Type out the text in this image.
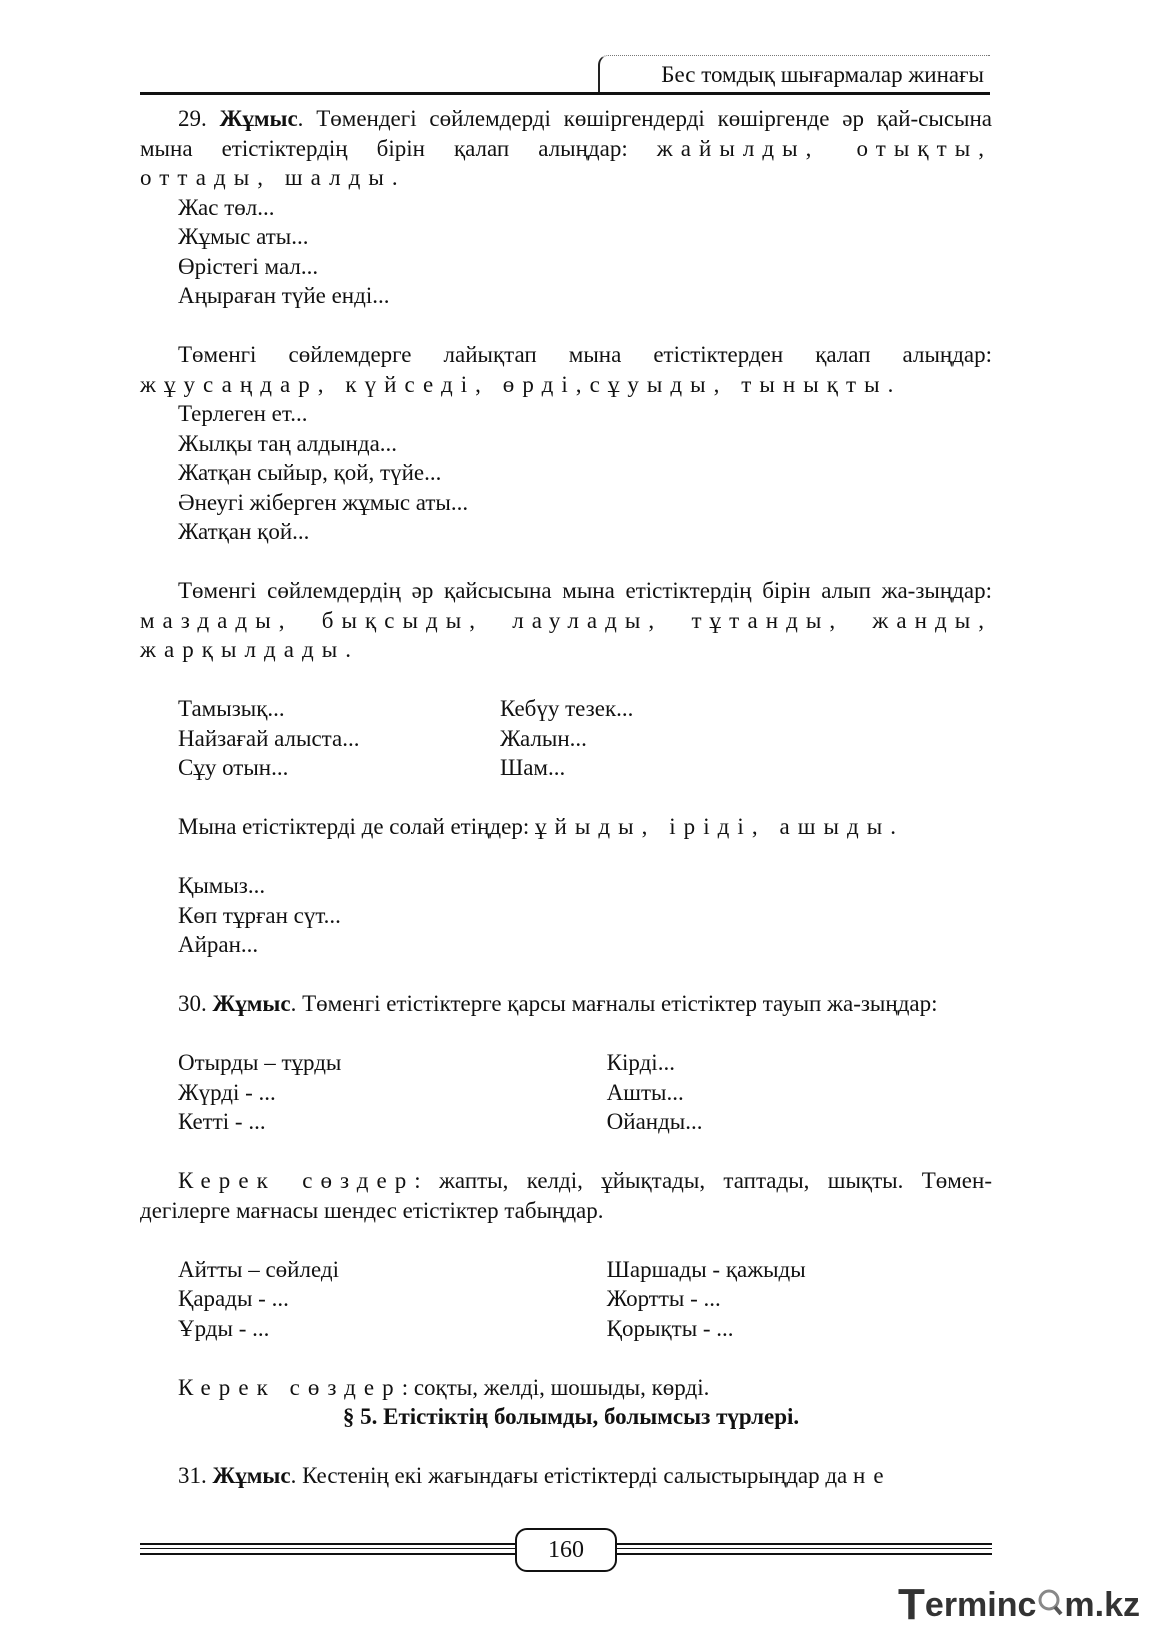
Бес томдық шығармалар жинағы

29. Жұмыс. Төмендегі сөйлемдерді көшіргендерді көшіргенде әр қай-сысына мына етістіктердің бірін қалап алыңдар: жайылды, отықты, оттады, шалды.

Жас төл...

Жұмыс аты...

Өрістегі мал...

Аңыраған түйе енді...

Төменгі сөйлемдерге лайықтап мына етістіктерден қалап алыңдар: жұусаңдар, күйседі, өрді,сұуыды, тынықты.

Терлеген ет...

Жылқы таң алдында...

Жатқан сыйыр, қой, түйе...

Әнеугі жіберген жұмыс аты...

Жатқан қой...

Төменгі сөйлемдердің әр қайсысына мына етістіктердің бірін алып жа-зыңдар: маздады, бықсыды, лаулады, тұтанды, жанды, жарқылдады.

Тамызық...

Найзағай алыста...

Сұу отын...

Кебүу тезек...

Жалын...

Шам...

Мына етістіктерді де солай етіңдер: ұйыды, іріді, ашыды.

Қымыз...

Көп тұрған сүт...

Айран...

30. Жұмыс. Төменгі етістіктерге қарсы мағналы етістіктер тауып жа-зыңдар:

Отырды – тұрды

Жүрді - ...

Кетті - ...

Кірді...

Ашты...

Ойанды...

Керек сөздер: жапты, келді, ұйықтады, таптады, шықты. Төмен-дегілерге мағнасы шендес етістіктер табыңдар.

Айтты – сөйледі

Қарады - ...

Ұрды - ...

Шаршады - қажыды

Жортты - ...

Қорықты - ...

Керек сөздер: соқты, желді, шошыды, көрді.

§ 5. Етістіктің болымды, болымсыз түрлері.

31. Жұмыс. Кестенің екі жағындағы етістіктерді салыстырыңдар да не

160
T erminc m.kz
